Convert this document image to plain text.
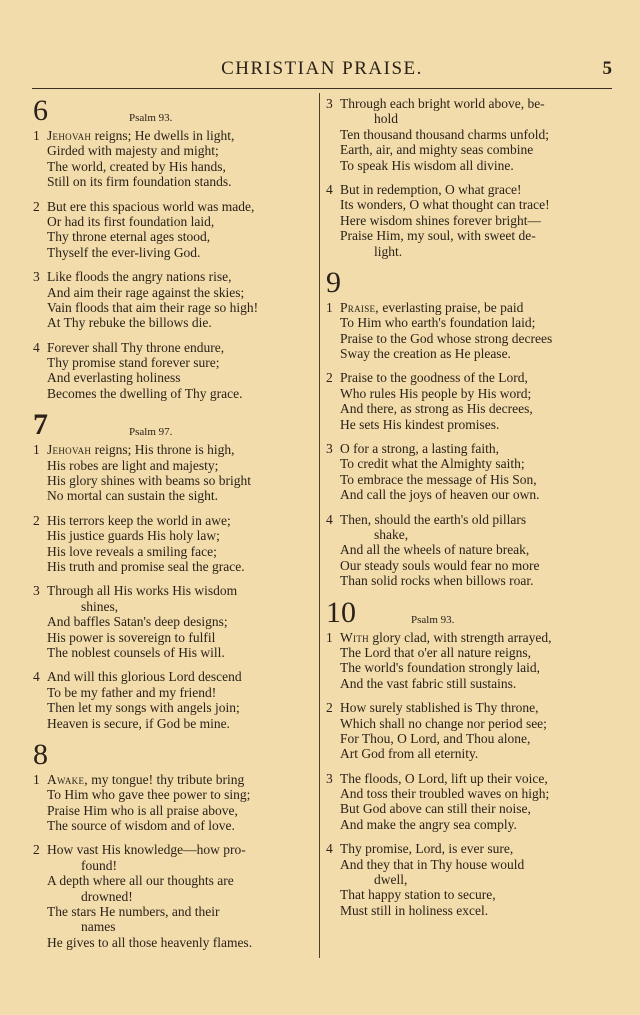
CHRISTIAN PRAISE.	5
6	Psalm 93.
1 Jehovah reigns; He dwells in light,
Girded with majesty and might;
The world, created by His hands,
Still on its firm foundation stands.
2 But ere this spacious world was made,
Or had its first foundation laid,
Thy throne eternal ages stood,
Thyself the ever-living God.
3 Like floods the angry nations rise,
And aim their rage against the skies;
Vain floods that aim their rage so high!
At Thy rebuke the billows die.
4 Forever shall Thy throne endure,
Thy promise stand forever sure;
And everlasting holiness
Becomes the dwelling of Thy grace.
7	Psalm 97.
1 Jehovah reigns; His throne is high,
His robes are light and majesty;
His glory shines with beams so bright
No mortal can sustain the sight.
2 His terrors keep the world in awe;
His justice guards His holy law;
His love reveals a smiling face;
His truth and promise seal the grace.
3 Through all His works His wisdom
shines,
And baffles Satan's deep designs;
His power is sovereign to fulfil
The noblest counsels of His will.
4 And will this glorious Lord descend
To be my father and my friend!
Then let my songs with angels join;
Heaven is secure, if God be mine.
8
1 Awake, my tongue! thy tribute bring
To Him who gave thee power to sing;
Praise Him who is all praise above,
The source of wisdom and of love.
2 How vast His knowledge—how pro-
found!
A depth where all our thoughts are
drowned!
The stars He numbers, and their
names
He gives to all those heavenly flames.
3 Through each bright world above, be-
hold
Ten thousand thousand charms unfold;
Earth, air, and mighty seas combine
To speak His wisdom all divine.
4 But in redemption, O what grace!
Its wonders, O what thought can trace!
Here wisdom shines forever bright—
Praise Him, my soul, with sweet de-
light.
9
1 Praise, everlasting praise, be paid
To Him who earth's foundation laid;
Praise to the God whose strong decrees
Sway the creation as He please.
2 Praise to the goodness of the Lord,
Who rules His people by His word;
And there, as strong as His decrees,
He sets His kindest promises.
3 O for a strong, a lasting faith,
To credit what the Almighty saith;
To embrace the message of His Son,
And call the joys of heaven our own.
4 Then, should the earth's old pillars
shake,
And all the wheels of nature break,
Our steady souls would fear no more
Than solid rocks when billows roar.
10	Psalm 93.
1 With glory clad, with strength arrayed,
The Lord that o'er all nature reigns,
The world's foundation strongly laid,
And the vast fabric still sustains.
2 How surely stablished is Thy throne,
Which shall no change nor period see;
For Thou, O Lord, and Thou alone,
Art God from all eternity.
3 The floods, O Lord, lift up their voice,
And toss their troubled waves on high;
But God above can still their noise,
And make the angry sea comply.
4 Thy promise, Lord, is ever sure,
And they that in Thy house would
dwell,
That happy station to secure,
Must still in holiness excel.
